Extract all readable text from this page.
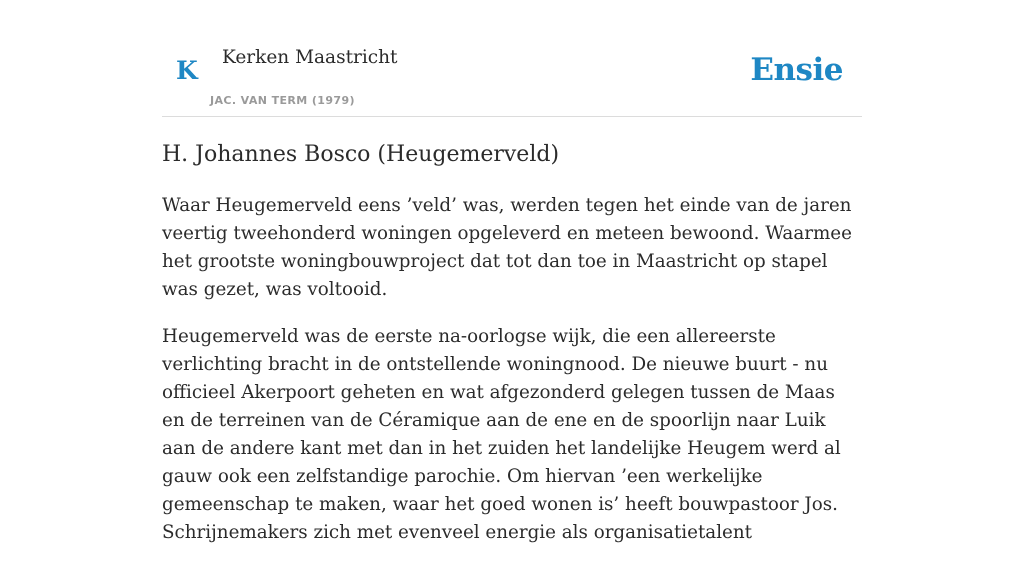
K Kerken Maastricht
JAC. VAN TERM (1979)
Ensie
H. Johannes Bosco (Heugemerveld)

Waar Heugemerveld eens ’veld’ was, werden tegen het einde van de jaren veertig tweehonderd woningen opgeleverd en meteen bewoond. Waarmee het grootste woningbouwproject dat tot dan toe in Maastricht op stapel was gezet, was voltooid.

Heugemerveld was de eerste na-oorlogse wijk, die een allereerste verlichting bracht in de ontstellende woningnood. De nieuwe buurt - nu officieel Akerpoort geheten en wat afgezonderd gelegen tussen de Maas en de terreinen van de Céramique aan de ene en de spoorlijn naar Luik aan de andere kant met dan in het zuiden het landelijke Heugem werd al gauw ook een zelfstandige parochie. Om hiervan ’een werkelijke gemeenschap te maken, waar het goed wonen is’ heeft bouwpastoor Jos. Schrijnemakers zich met evenveel energie als organisatietalent
